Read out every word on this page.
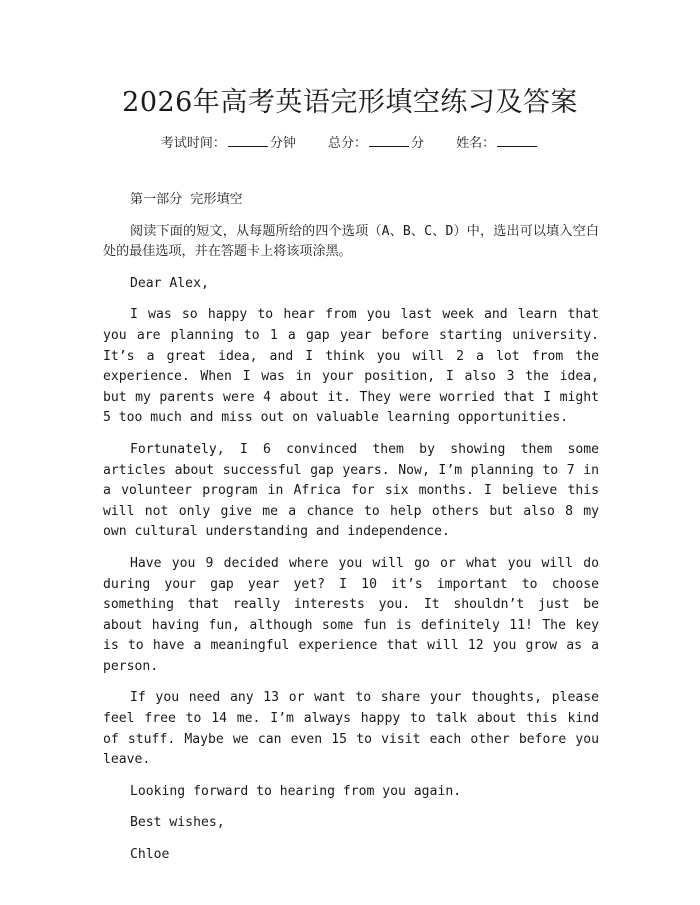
2026年高考英语完形填空练习及答案
考试时间：	分钟 总分：	分 姓名：

第一部分 完形填空

阅读下面的短文，从每题所给的四个选项（A、B、C、D）中，选出可以填入空白处的最佳选项，并在答题卡上将该项涂黑。

Dear Alex,

I was so happy to hear from you last week and learn that you are planning to 1 a gap year before starting university. It’s a great idea, and I think you will 2 a lot from the experience. When I was in your position, I also 3 the idea, but my parents were 4 about it. They were worried that I might 5 too much and miss out on valuable learning opportunities.

Fortunately, I 6 convinced them by showing them some articles about successful gap years. Now, I’m planning to 7 in a volunteer program in Africa for six months. I believe this will not only give me a chance to help others but also 8 my own cultural understanding and independence.

Have you 9 decided where you will go or what you will do during your gap year yet? I 10 it’s important to choose something that really interests you. It shouldn’t just be about having fun, although some fun is definitely 11! The key is to have a meaningful experience that will 12 you grow as a person.

If you need any 13 or want to share your thoughts, please feel free to 14 me. I’m always happy to talk about this kind of stuff. Maybe we can even 15 to visit each other before you leave.

Looking forward to hearing from you again.

Best wishes,

Chloe
